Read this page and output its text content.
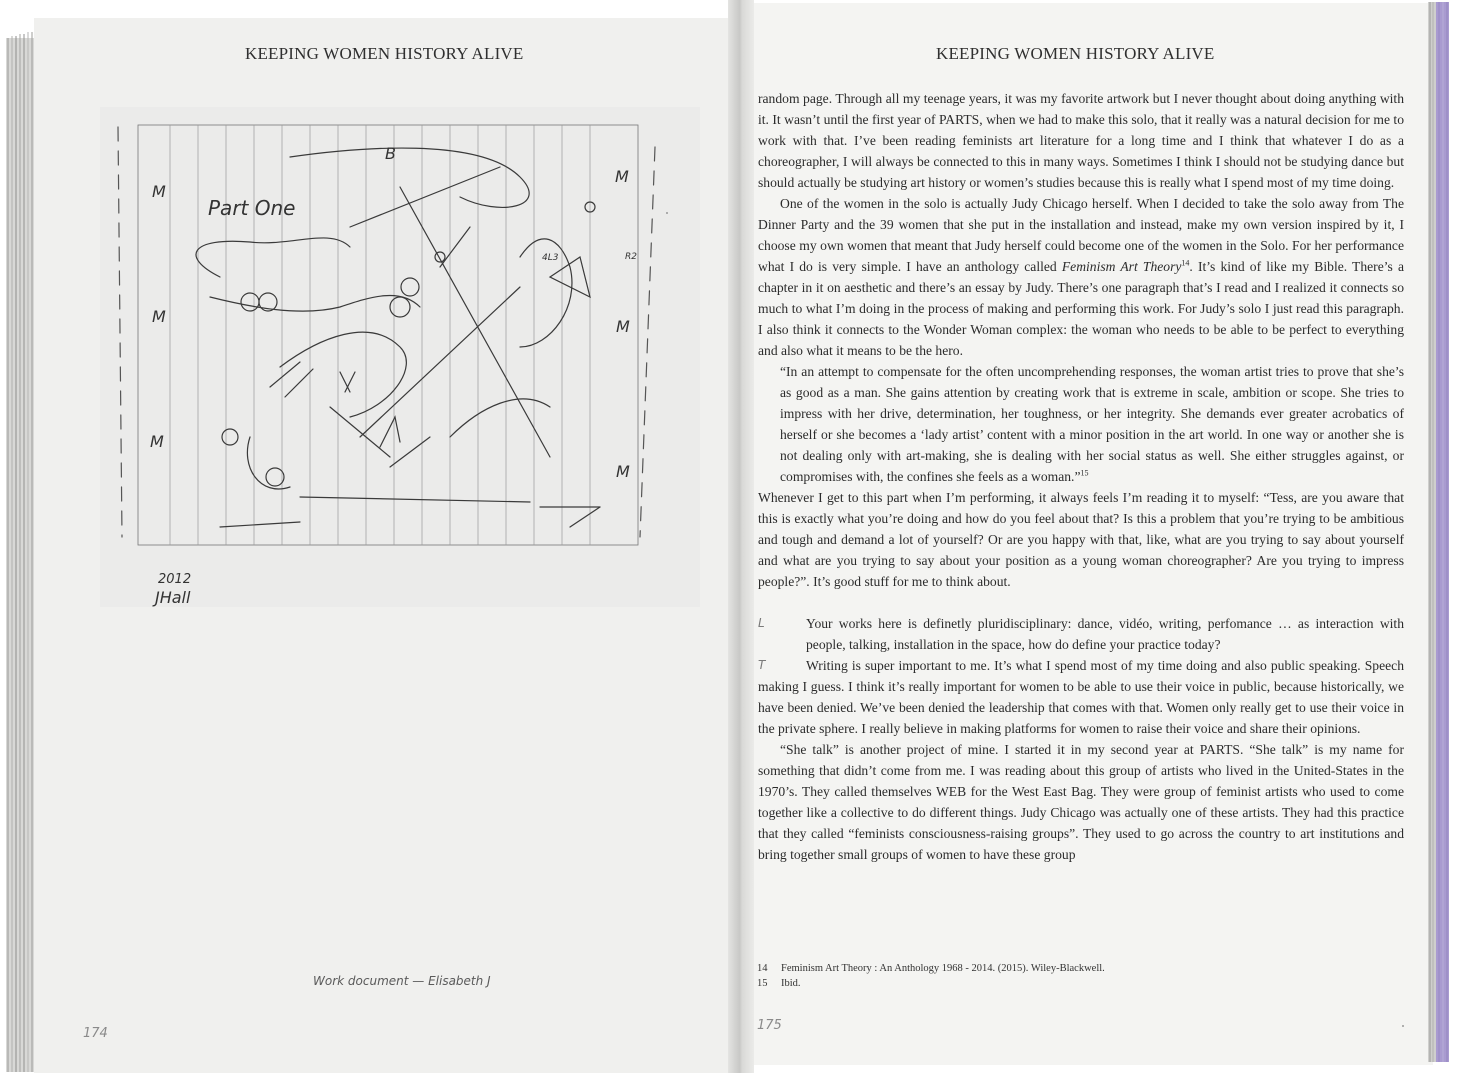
KEEPING WOMEN HISTORY ALIVE	KEEPING WOMEN HISTORY ALIVE
Part One
M
M
M
M
M
M
B
R2
4L3
2012
JHall
Work document — Elisabeth J
174
175

random page. Through all my teenage years, it was my favorite artwork but I never thought about doing anything with it. It wasn’t until the first year of PARTS, when we had to make this solo, that it really was a natural decision for me to work with that. I’ve been reading feminists art literature for a long time and I think that whatever I do as a choreographer, I will always be connected to this in many ways. Sometimes I think I should not be studying dance but should actually be studying art history or women’s studies because this is really what I spend most of my time doing.

One of the women in the solo is actually Judy Chicago herself. When I decided to take the solo away from The Dinner Party and the 39 women that she put in the installation and instead, make my own version inspired by it, I choose my own women that meant that Judy herself could become one of the women in the Solo. For her performance what I do is very simple. I have an anthology called Feminism Art Theory$^{14}$. It’s kind of like my Bible. There’s a chapter in it on aesthetic and there’s an essay by Judy. There’s one paragraph that’s I read and I realized it connects so much to what I’m doing in the process of making and performing this work. For Judy’s solo I just read this paragraph. I also think it connects to the Wonder Woman complex: the woman who needs to be able to be perfect to everything and also what it means to be the hero.

“In an attempt to compensate for the often uncomprehending responses, the woman artist tries to prove that she’s as good as a man. She gains attention by creating work that is extreme in scale, ambition or scope. She tries to impress with her drive, determination, her toughness, or her integrity. She demands ever greater acrobatics of herself or she becomes a ‘lady artist’ content with a minor position in the art world. In one way or another she is not dealing only with art-making, she is dealing with her social status as well. She either struggles against, or compromises with, the confines she feels as a woman.”$^{15}$

Whenever I get to this part when I’m performing, it always feels I’m reading it to myself: “Tess, are you aware that this is exactly what you’re doing and how do you feel about that? Is this a problem that you’re trying to be ambitious and tough and demand a lot of yourself? Or are you happy with that, like, what are you trying to say about yourself and what are you trying to say about your position as a young woman choreographer? Are you trying to impress people?”. It’s good stuff for me to think about.

L	Your works here is definetly pluridisciplinary: dance, vidéo, writing, perfomance … as interaction with people, talking, installation in the space, how do define your practice today?

T	Writing is super important to me. It’s what I spend most of my time doing and also public speaking. Speech making I guess. I think it’s really important for women to be able to use their voice in public, because historically, we have been denied. We’ve been denied the leadership that comes with that. Women only really get to use their voice in the private sphere. I really believe in making platforms for women to raise their voice and share their opinions.

“She talk” is another project of mine. I started it in my second year at PARTS. “She talk” is my name for something that didn’t come from me. I was reading about this group of artists who lived in the United-States in the 1970’s. They called themselves WEB for the West East Bag. They were group of feminist artists who used to come together like a collective to do different things. Judy Chicago was actually one of these artists. They had this practice that they called “feminists consciousness-raising groups”. They used to go across the country to art institutions and bring together small groups of women to have these group

14 Feminism Art Theory : An Anthology 1968 - 2014. (2015). Wiley-Blackwell.
15 Ibid.
